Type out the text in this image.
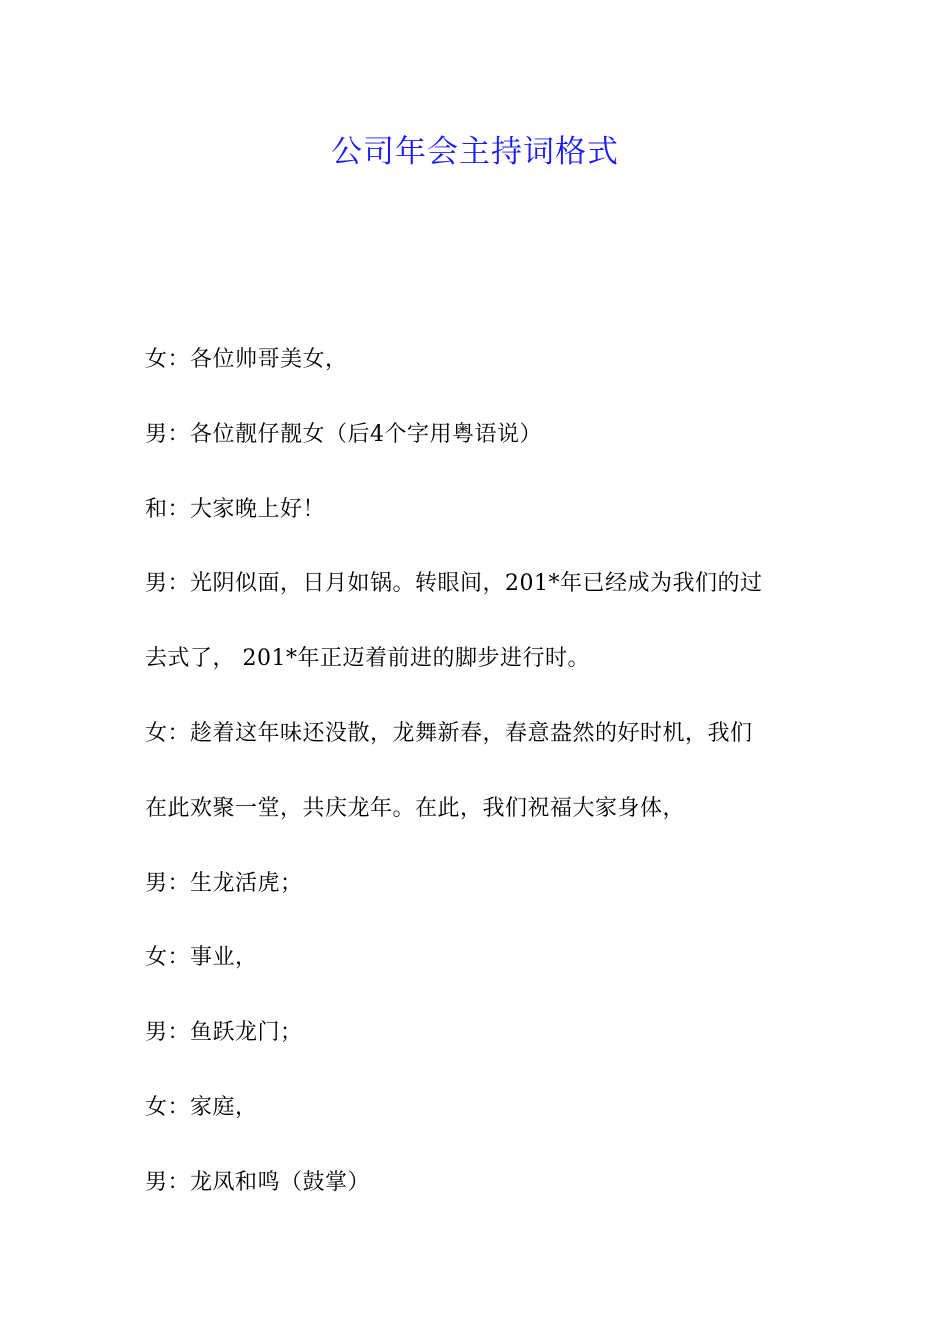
公司年会主持词格式
女：各位帅哥美女，
男：各位靓仔靓女（后4个字用粤语说）
和：大家晚上好！
男：光阴似面，日月如锅。转眼间，201*年已经成为我们的过
去式了， 201*年正迈着前进的脚步进行时。
女：趁着这年味还没散，龙舞新春，春意盎然的好时机，我们
在此欢聚一堂，共庆龙年。在此，我们祝福大家身体，
男：生龙活虎；
女：事业，
男：鱼跃龙门；
女：家庭，
男：龙凤和鸣（鼓掌）
